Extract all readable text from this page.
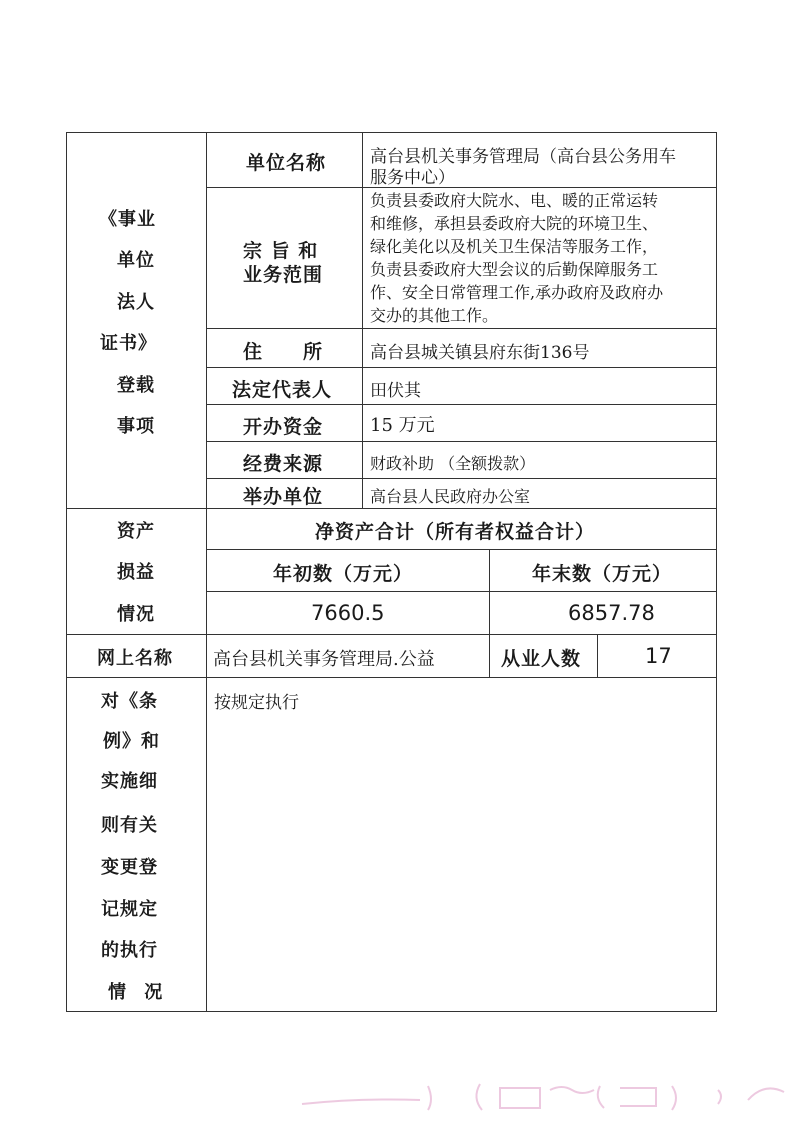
《事业
单位
法人
证书》
登载
事项
单位名称	高台县机关事务管理局（高台县公务用车
服务中心）
宗 旨 和
业务范围
负责县委政府大院水、电、暖的正常运转
和维修，承担县委政府大院的环境卫生、
绿化美化以及机关卫生保洁等服务工作，
负责县委政府大型会议的后勤保障服务工
作、安全日常管理工作,承办政府及政府办
交办的其他工作。
住　　所	高台县城关镇县府东街136号
法定代表人 田伏其
开办资金	15 万元
经费来源	财政补助 （全额拨款）
举办单位	高台县人民政府办公室
资产
损益
情况
净资产合计（所有者权益合计）
年初数（万元）	年末数（万元）
7660.5	6857.78
网上名称 高台县机关事务管理局.公益	从业人数	17
对《条
例》和
实施细
则有关
变更登
记规定
的执行
情 况
按规定执行
